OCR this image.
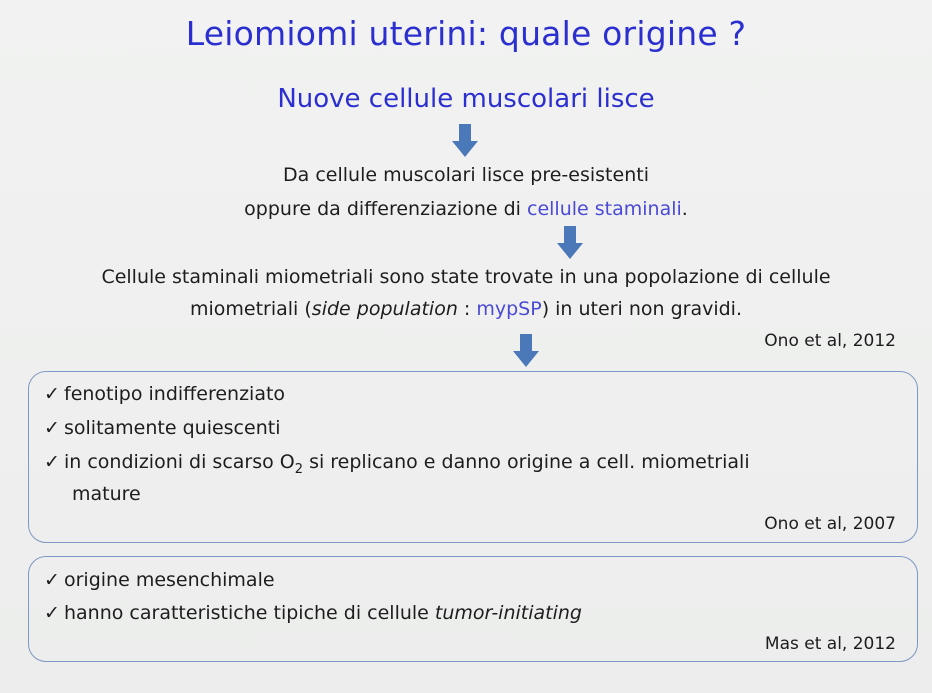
Leiomiomi uterini: quale origine ?
Nuove cellule muscolari lisce
Da cellule muscolari lisce pre-esistenti
oppure da differenziazione di cellule staminali.
Cellule staminali miometriali sono state trovate in una popolazione di cellule
miometriali (side population : mypSP) in uteri non gravidi.
Ono et al, 2012
✓ fenotipo indifferenziato
✓ solitamente quiescenti
✓ in condizioni di scarso $O_2$ si replicano e danno origine a cell. miometriali
mature
Ono et al, 2007
✓ origine mesenchimale
✓ hanno caratteristiche tipiche di cellule tumor-initiating
Mas et al, 2012
